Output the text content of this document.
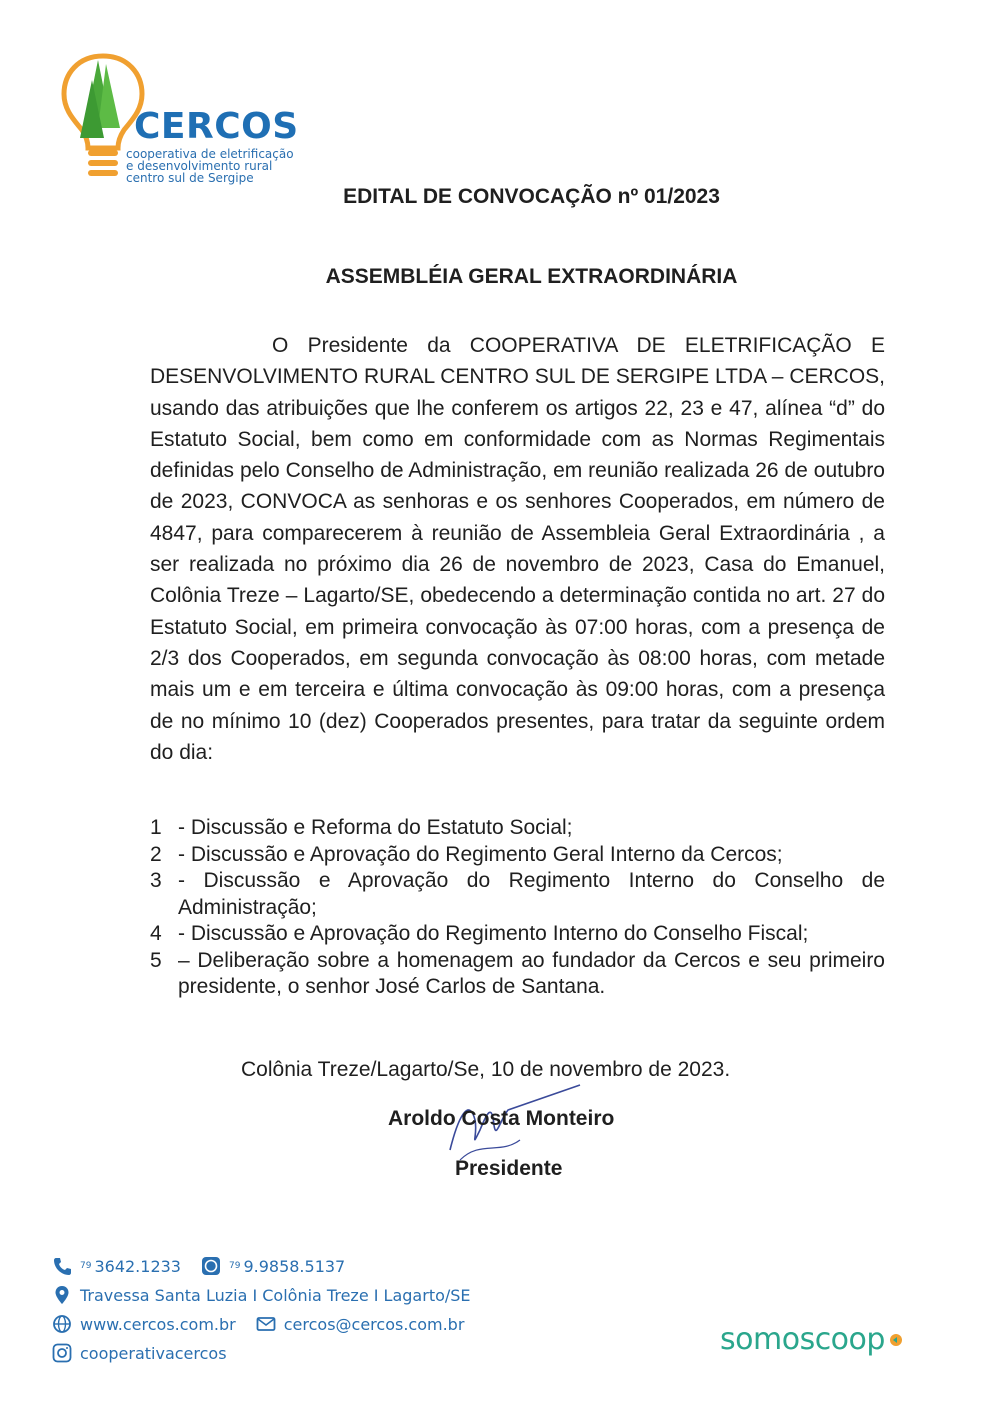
CERCOS
cooperativa de eletrificação
e desenvolvimento rural
centro sul de Sergipe
EDITAL DE CONVOCAÇÃO nº 01/2023
ASSEMBLÉIA GERAL EXTRAORDINÁRIA

O Presidente da COOPERATIVA DE ELETRIFICAÇÃO E DESENVOLVIMENTO RURAL CENTRO SUL DE SERGIPE LTDA – CERCOS, usando das atribuições que lhe conferem os artigos 22, 23 e 47, alínea “d” do Estatuto Social, bem como em conformidade com as Normas Regimentais definidas pelo Conselho de Administração, em reunião realizada 26 de outubro de 2023, CONVOCA as senhoras e os senhores Cooperados, em número de 4847, para comparecerem à reunião de Assembleia Geral Extraordinária , a ser realizada no próximo dia 26 de novembro de 2023, Casa do Emanuel, Colônia Treze – Lagarto/SE, obedecendo a determinação contida no art. 27 do Estatuto Social, em primeira convocação às 07:00 horas, com a presença de 2/3 dos Cooperados, em segunda convocação às 08:00 horas, com metade mais um e em terceira e última convocação às 09:00 horas, com a presença de no mínimo 10 (dez) Cooperados presentes, para tratar da seguinte ordem do dia:

1 - Discussão e Reforma do Estatuto Social;
2 - Discussão e Aprovação do Regimento Geral Interno da Cercos;
3 - Discussão e Aprovação do Regimento Interno do Conselho de Administração;
4 - Discussão e Aprovação do Regimento Interno do Conselho Fiscal;
5 – Deliberação sobre a homenagem ao fundador da Cercos e seu primeiro presidente, o senhor José Carlos de Santana.
Colônia Treze/Lagarto/Se, 10 de novembro de 2023.
Aroldo Costa Monteiro
Presidente
79 3642.1233	79 9.9858.5137
Travessa Santa Luzia I Colônia Treze I Lagarto/SE
www.cercos.com.br	cercos@cercos.com.br
cooperativacercos	somoscoop
